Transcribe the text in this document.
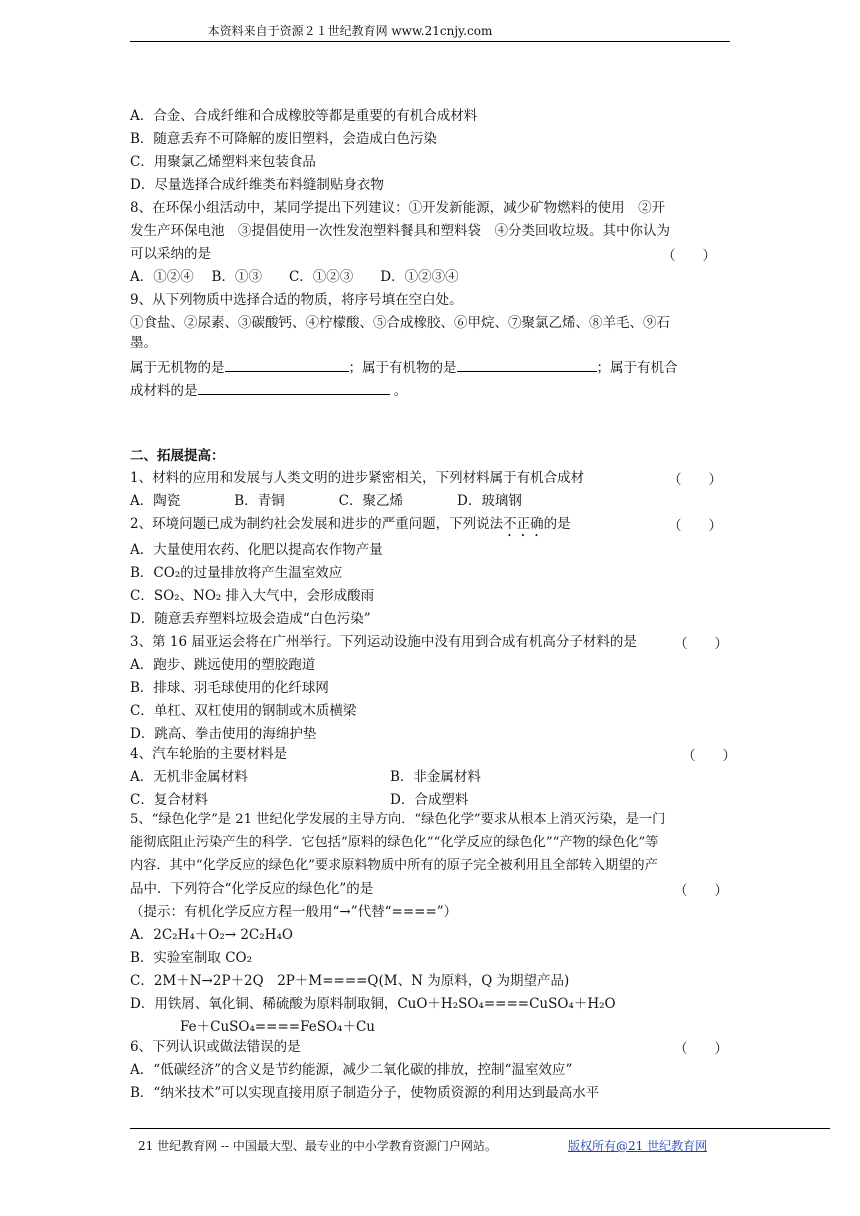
本资料来自于资源２１世纪教育网 www.21cnjy.com
A．合金、合成纤维和合成橡胶等都是重要的有机合成材料
B．随意丢弃不可降解的废旧塑料，会造成白色污染
C．用聚氯乙烯塑料来包装食品
D．尽量选择合成纤维类布料缝制贴身衣物
8、在环保小组活动中，某同学提出下列建议：①开发新能源，减少矿物燃料的使用　②开
发生产环保电池　③提倡使用一次性发泡塑料餐具和塑料袋　④分类回收垃圾。其中你认为
可以采纳的是	（　　）
A．①②④　 B．①③　　C．①②③　　D．①②③④
9、从下列物质中选择合适的物质，将序号填在空白处。
①食盐、②尿素、③碳酸钙、④柠檬酸、⑤合成橡胶、⑥甲烷、⑦聚氯乙烯、⑧羊毛、⑨石
墨。
属于无机物的是	；属于有机物的是	；属于有机合
成材料的是	。
二、拓展提高：
1、材料的应用和发展与人类文明的进步紧密相关，下列材料属于有机合成材	（　　）
A．陶瓷　　　　B．青铜　　　　C．聚乙烯　　　　D．玻璃钢
2、环境问题已成为制约社会发展和进步的严重问题，下列说法不正确的是	（　　）
A．大量使用农药、化肥以提高农作物产量
B．CO₂的过量排放将产生温室效应
C．SO₂、NO₂ 排入大气中，会形成酸雨
D．随意丢弃塑料垃圾会造成“白色污染”
3、第 16 届亚运会将在广州举行。下列运动设施中没有用到合成有机高分子材料的是	（　　）
A．跑步、跳远使用的塑胶跑道
B．排球、羽毛球使用的化纤球网
C．单杠、双杠使用的钢制或木质横梁
D．跳高、拳击使用的海绵护垫
4、汽车轮胎的主要材料是	（　　）
A．无机非金属材料	B．非金属材料
C．复合材料	D．合成塑料
5、“绿色化学”是 21 世纪化学发展的主导方向．“绿色化学”要求从根本上消灭污染，是一门
能彻底阻止污染产生的科学．它包括“原料的绿色化”“化学反应的绿色化”“产物的绿色化”等
内容．其中“化学反应的绿色化”要求原料物质中所有的原子完全被利用且全部转入期望的产
品中．下列符合“化学反应的绿色化”的是	（　　）
（提示：有机化学反应方程一般用“→”代替“====”）
A．2C₂H₄＋O₂→ 2C₂H₄O
B．实验室制取 CO₂
C．2M＋N→2P＋2Q　2P＋M====Q(M、N 为原料，Q 为期望产品)
D．用铁屑、氧化铜、稀硫酸为原料制取铜，CuO＋H₂SO₄====CuSO₄＋H₂O
Fe＋CuSO₄====FeSO₄＋Cu
6、下列认识或做法错误的是	（　　）
A．“低碳经济”的含义是节约能源，减少二氧化碳的排放，控制“温室效应”
B．“纳米技术”可以实现直接用原子制造分子，使物质资源的利用达到最高水平
21 世纪教育网 -- 中国最大型、最专业的中小学教育资源门户网站。	版权所有@21 世纪教育网
